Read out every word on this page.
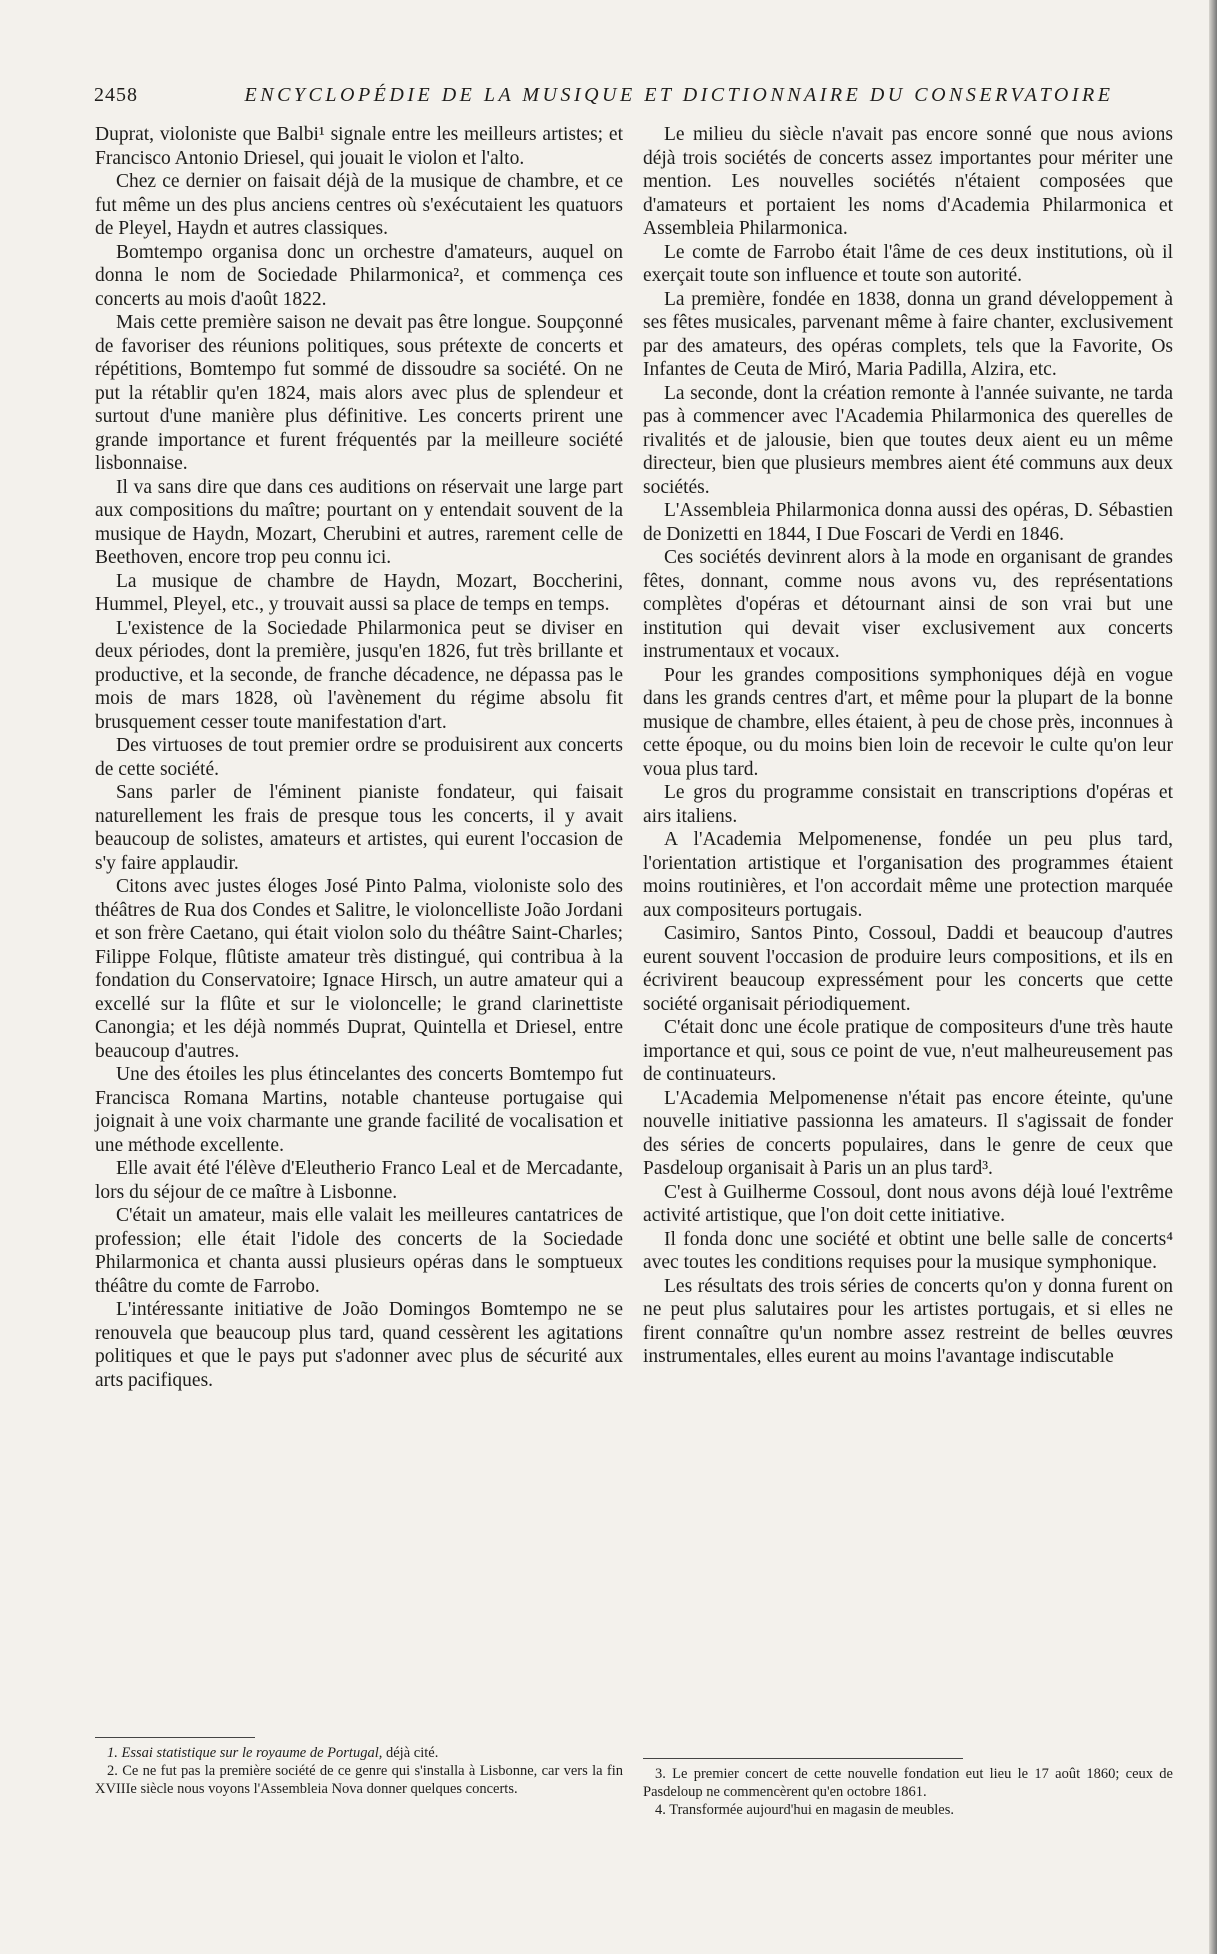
2458	ENCYCLOPÉDIE DE LA MUSIQUE ET DICTIONNAIRE DU CONSERVATOIRE

Duprat, violoniste que Balbi¹ signale entre les meilleurs artistes; et Francisco Antonio Driesel, qui jouait le violon et l'alto.

Chez ce dernier on faisait déjà de la musique de chambre, et ce fut même un des plus anciens centres où s'exécutaient les quatuors de Pleyel, Haydn et autres classiques.

Bomtempo organisa donc un orchestre d'amateurs, auquel on donna le nom de Sociedade Philarmonica², et commença ces concerts au mois d'août 1822.

Mais cette première saison ne devait pas être longue. Soupçonné de favoriser des réunions politiques, sous prétexte de concerts et répétitions, Bomtempo fut sommé de dissoudre sa société. On ne put la rétablir qu'en 1824, mais alors avec plus de splendeur et surtout d'une manière plus définitive. Les concerts prirent une grande importance et furent fréquentés par la meilleure société lisbonnaise.

Il va sans dire que dans ces auditions on réservait une large part aux compositions du maître; pourtant on y entendait souvent de la musique de Haydn, Mozart, Cherubini et autres, rarement celle de Beethoven, encore trop peu connu ici.

La musique de chambre de Haydn, Mozart, Boccherini, Hummel, Pleyel, etc., y trouvait aussi sa place de temps en temps.

L'existence de la Sociedade Philarmonica peut se diviser en deux périodes, dont la première, jusqu'en 1826, fut très brillante et productive, et la seconde, de franche décadence, ne dépassa pas le mois de mars 1828, où l'avènement du régime absolu fit brusquement cesser toute manifestation d'art.

Des virtuoses de tout premier ordre se produisirent aux concerts de cette société.

Sans parler de l'éminent pianiste fondateur, qui faisait naturellement les frais de presque tous les concerts, il y avait beaucoup de solistes, amateurs et artistes, qui eurent l'occasion de s'y faire applaudir.

Citons avec justes éloges José Pinto Palma, violoniste solo des théâtres de Rua dos Condes et Salitre, le violoncelliste João Jordani et son frère Caetano, qui était violon solo du théâtre Saint-Charles; Filippe Folque, flûtiste amateur très distingué, qui contribua à la fondation du Conservatoire; Ignace Hirsch, un autre amateur qui a excellé sur la flûte et sur le violoncelle; le grand clarinettiste Canongia; et les déjà nommés Duprat, Quintella et Driesel, entre beaucoup d'autres.

Une des étoiles les plus étincelantes des concerts Bomtempo fut Francisca Romana Martins, notable chanteuse portugaise qui joignait à une voix charmante une grande facilité de vocalisation et une méthode excellente.

Elle avait été l'élève d'Eleutherio Franco Leal et de Mercadante, lors du séjour de ce maître à Lisbonne.

C'était un amateur, mais elle valait les meilleures cantatrices de profession; elle était l'idole des concerts de la Sociedade Philarmonica et chanta aussi plusieurs opéras dans le somptueux théâtre du comte de Farrobo.

L'intéressante initiative de João Domingos Bomtempo ne se renouvela que beaucoup plus tard, quand cessèrent les agitations politiques et que le pays put s'adonner avec plus de sécurité aux arts pacifiques.

Le milieu du siècle n'avait pas encore sonné que nous avions déjà trois sociétés de concerts assez importantes pour mériter une mention. Les nouvelles sociétés n'étaient composées que d'amateurs et portaient les noms d'Academia Philarmonica et Assembleia Philarmonica.

Le comte de Farrobo était l'âme de ces deux institutions, où il exerçait toute son influence et toute son autorité.

La première, fondée en 1838, donna un grand développement à ses fêtes musicales, parvenant même à faire chanter, exclusivement par des amateurs, des opéras complets, tels que la Favorite, Os Infantes de Ceuta de Miró, Maria Padilla, Alzira, etc.

La seconde, dont la création remonte à l'année suivante, ne tarda pas à commencer avec l'Academia Philarmonica des querelles de rivalités et de jalousie, bien que toutes deux aient eu un même directeur, bien que plusieurs membres aient été communs aux deux sociétés.

L'Assembleia Philarmonica donna aussi des opéras, D. Sébastien de Donizetti en 1844, I Due Foscari de Verdi en 1846.

Ces sociétés devinrent alors à la mode en organisant de grandes fêtes, donnant, comme nous avons vu, des représentations complètes d'opéras et détournant ainsi de son vrai but une institution qui devait viser exclusivement aux concerts instrumentaux et vocaux.

Pour les grandes compositions symphoniques déjà en vogue dans les grands centres d'art, et même pour la plupart de la bonne musique de chambre, elles étaient, à peu de chose près, inconnues à cette époque, ou du moins bien loin de recevoir le culte qu'on leur voua plus tard.

Le gros du programme consistait en transcriptions d'opéras et airs italiens.

A l'Academia Melpomenense, fondée un peu plus tard, l'orientation artistique et l'organisation des programmes étaient moins routinières, et l'on accordait même une protection marquée aux compositeurs portugais.

Casimiro, Santos Pinto, Cossoul, Daddi et beaucoup d'autres eurent souvent l'occasion de produire leurs compositions, et ils en écrivirent beaucoup expressément pour les concerts que cette société organisait périodiquement.

C'était donc une école pratique de compositeurs d'une très haute importance et qui, sous ce point de vue, n'eut malheureusement pas de continuateurs.

L'Academia Melpomenense n'était pas encore éteinte, qu'une nouvelle initiative passionna les amateurs. Il s'agissait de fonder des séries de concerts populaires, dans le genre de ceux que Pasdeloup organisait à Paris un an plus tard³.

C'est à Guilherme Cossoul, dont nous avons déjà loué l'extrême activité artistique, que l'on doit cette initiative.

Il fonda donc une société et obtint une belle salle de concerts⁴ avec toutes les conditions requises pour la musique symphonique.

Les résultats des trois séries de concerts qu'on y donna furent on ne peut plus salutaires pour les artistes portugais, et si elles ne firent connaître qu'un nombre assez restreint de belles œuvres instrumentales, elles eurent au moins l'avantage indiscutable

1. Essai statistique sur le royaume de Portugal, déjà cité.

2. Ce ne fut pas la première société de ce genre qui s'installa à Lisbonne, car vers la fin XVIIIe siècle nous voyons l'Assembleia Nova donner quelques concerts.

3. Le premier concert de cette nouvelle fondation eut lieu le 17 août 1860; ceux de Pasdeloup ne commencèrent qu'en octobre 1861.

4. Transformée aujourd'hui en magasin de meubles.
